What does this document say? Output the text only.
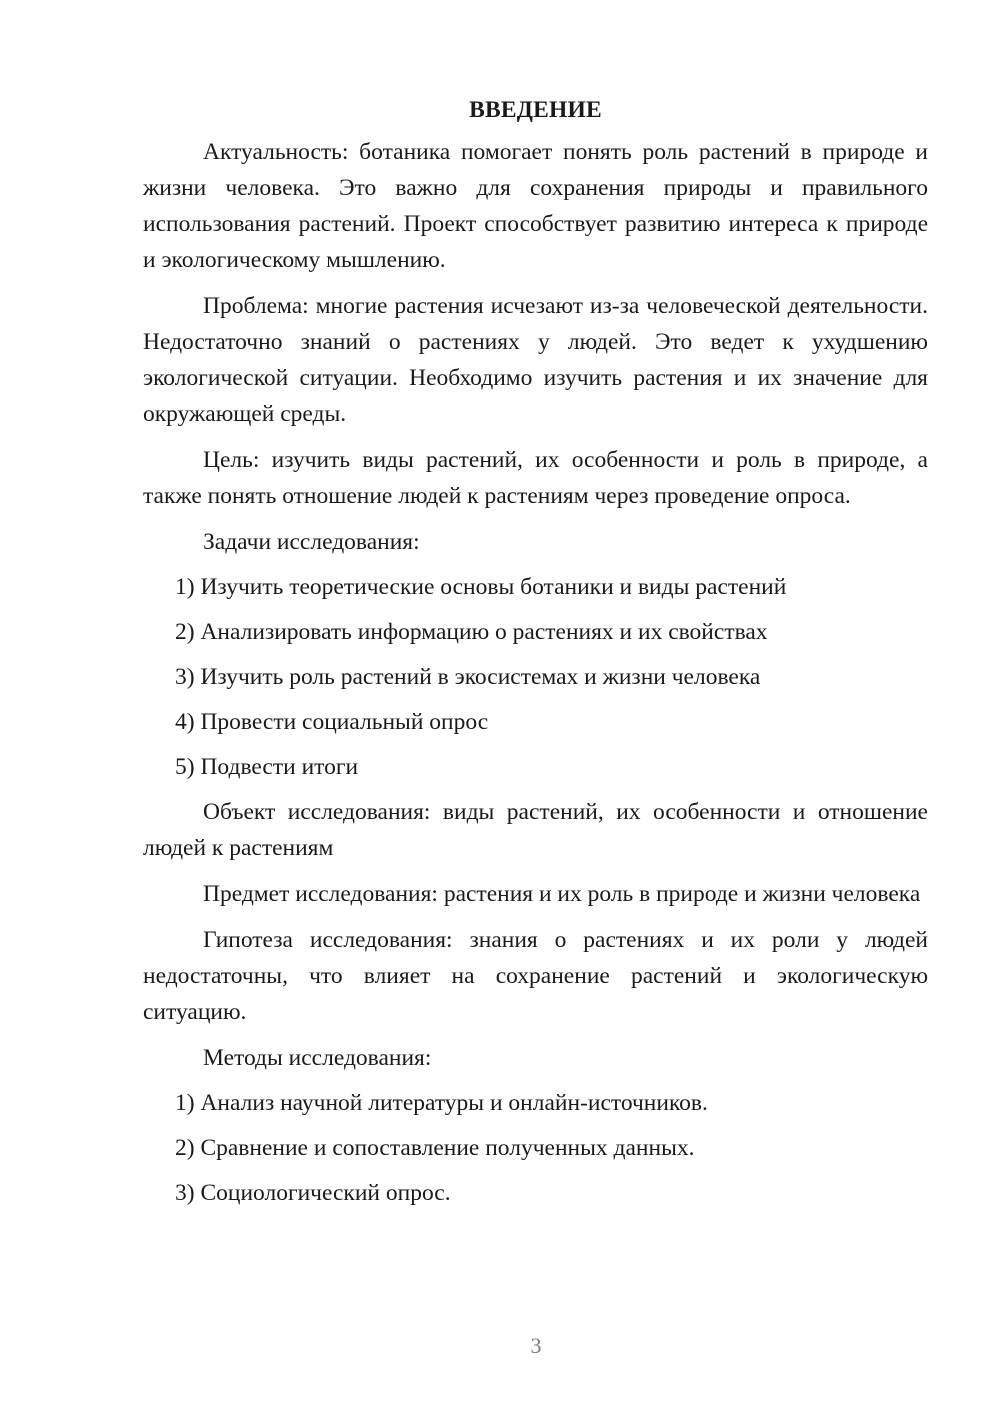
ВВЕДЕНИЕ

Актуальность: ботаника помогает понять роль растений в природе и жизни человека. Это важно для сохранения природы и правильного использования растений. Проект способствует развитию интереса к природе и экологическому мышлению.

Проблема: многие растения исчезают из-за человеческой деятельности. Недостаточно знаний о растениях у людей. Это ведет к ухудшению экологической ситуации. Необходимо изучить растения и их значение для окружающей среды.

Цель: изучить виды растений, их особенности и роль в природе, а также понять отношение людей к растениям через проведение опроса.

Задачи исследования:

1) Изучить теоретические основы ботаники и виды растений
2) Анализировать информацию о растениях и их свойствах
3) Изучить роль растений в экосистемах и жизни человека
4) Провести социальный опрос
5) Подвести итоги

Объект исследования: виды растений, их особенности и отношение людей к растениям

Предмет исследования: растения и их роль в природе и жизни человека

Гипотеза исследования: знания о растениях и их роли у людей недостаточны, что влияет на сохранение растений и экологическую ситуацию.

Методы исследования:

1) Анализ научной литературы и онлайн-источников.
2) Сравнение и сопоставление полученных данных.
3) Социологический опрос.
3
